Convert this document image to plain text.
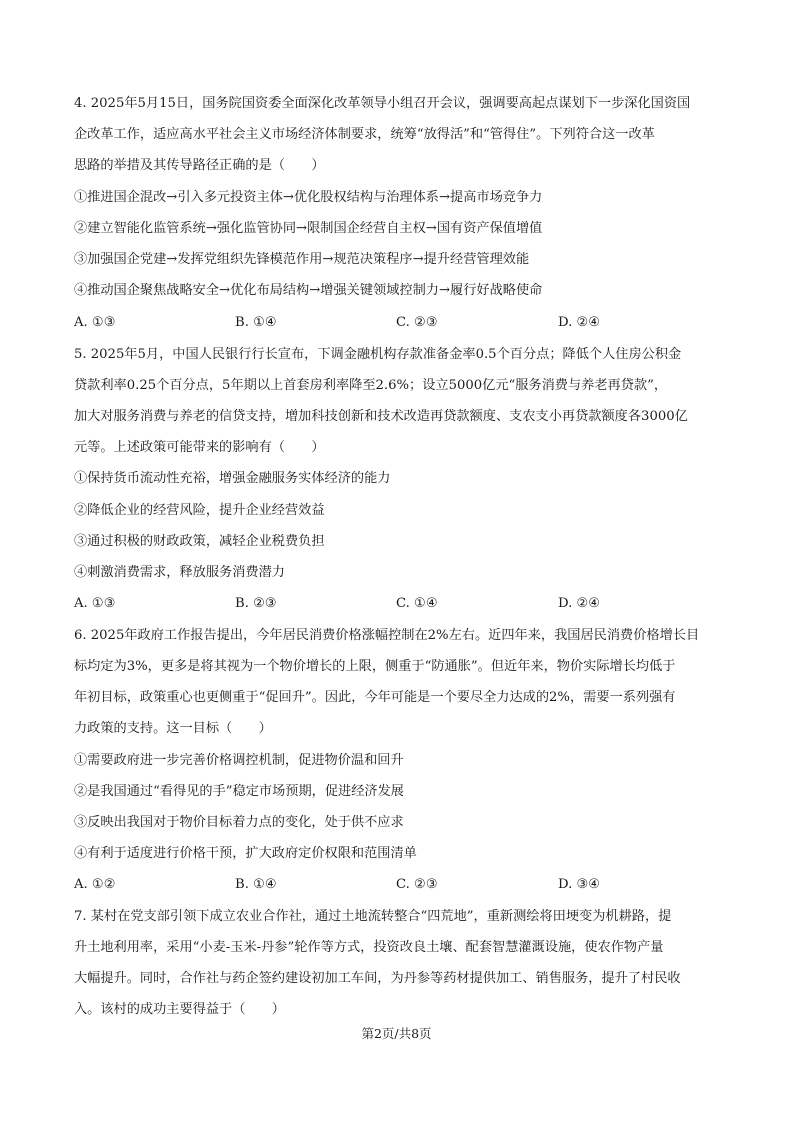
4. 2025年5月15日，国务院国资委全面深化改革领导小组召开会议，强调要高起点谋划下一步深化国资国
企改革工作，适应高水平社会主义市场经济体制要求，统筹“放得活”和“管得住”。下列符合这一改革
思路的举措及其传导路径正确的是（　　）
①推进国企混改→引入多元投资主体→优化股权结构与治理体系→提高市场竞争力
②建立智能化监管系统→强化监管协同→限制国企经营自主权→国有资产保值增值
③加强国企党建→发挥党组织先锋模范作用→规范决策程序→提升经营管理效能
④推动国企聚焦战略安全→优化布局结构→增强关键领域控制力→履行好战略使命
A. ①③	B. ①④	C. ②③	D. ②④
5. 2025年5月，中国人民银行行长宣布，下调金融机构存款准备金率0.5个百分点；降低个人住房公积金
贷款利率0.25个百分点，5年期以上首套房利率降至2.6%；设立5000亿元“服务消费与养老再贷款”，
加大对服务消费与养老的信贷支持，增加科技创新和技术改造再贷款额度、支农支小再贷款额度各3000亿
元等。上述政策可能带来的影响有（　　）
①保持货币流动性充裕，增强金融服务实体经济的能力
②降低企业的经营风险，提升企业经营效益
③通过积极的财政政策，减轻企业税费负担
④刺激消费需求，释放服务消费潜力
A. ①③	B. ②③	C. ①④	D. ②④
6. 2025年政府工作报告提出，今年居民消费价格涨幅控制在2%左右。近四年来，我国居民消费价格增长目
标均定为3%，更多是将其视为一个物价增长的上限，侧重于“防通胀”。但近年来，物价实际增长均低于
年初目标，政策重心也更侧重于“促回升”。因此，今年可能是一个要尽全力达成的2%，需要一系列强有
力政策的支持。这一目标（　　）
①需要政府进一步完善价格调控机制，促进物价温和回升
②是我国通过“看得见的手”稳定市场预期，促进经济发展
③反映出我国对于物价目标着力点的变化，处于供不应求
④有利于适度进行价格干预，扩大政府定价权限和范围清单
A. ①②	B. ①④	C. ②③	D. ③④
7. 某村在党支部引领下成立农业合作社，通过土地流转整合“四荒地”，重新测绘将田埂变为机耕路，提
升土地利用率，采用“小麦-玉米-丹参”轮作等方式，投资改良土壤、配套智慧灌溉设施，使农作物产量
大幅提升。同时，合作社与药企签约建设初加工车间，为丹参等药材提供加工、销售服务，提升了村民收
入。该村的成功主要得益于（　　）
第2页/共8页
